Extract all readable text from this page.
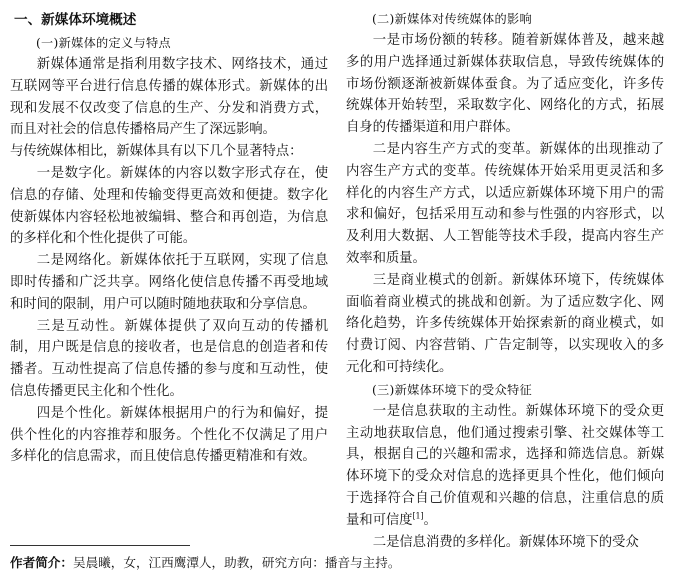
一、新媒体环境概述

(一)新媒体的定义与特点

新媒体通常是指利用数字技术、网络技术，通过互联网等平台进行信息传播的媒体形式。新媒体的出现和发展不仅改变了信息的生产、分发和消费方式，而且对社会的信息传播格局产生了深远影响。

与传统媒体相比，新媒体具有以下几个显著特点：

一是数字化。新媒体的内容以数字形式存在，使信息的存储、处理和传输变得更高效和便捷。数字化使新媒体内容轻松地被编辑、整合和再创造，为信息的多样化和个性化提供了可能。

二是网络化。新媒体依托于互联网，实现了信息即时传播和广泛共享。网络化使信息传播不再受地域和时间的限制，用户可以随时随地获取和分享信息。

三是互动性。新媒体提供了双向互动的传播机制，用户既是信息的接收者，也是信息的创造者和传播者。互动性提高了信息传播的参与度和互动性，使信息传播更民主化和个性化。

四是个性化。新媒体根据用户的行为和偏好，提供个性化的内容推荐和服务。个性化不仅满足了用户多样化的信息需求，而且使信息传播更精准和有效。

(二)新媒体对传统媒体的影响

一是市场份额的转移。随着新媒体普及，越来越多的用户选择通过新媒体获取信息，导致传统媒体的市场份额逐渐被新媒体蚕食。为了适应变化，许多传统媒体开始转型，采取数字化、网络化的方式，拓展自身的传播渠道和用户群体。

二是内容生产方式的变革。新媒体的出现推动了内容生产方式的变革。传统媒体开始采用更灵活和多样化的内容生产方式，以适应新媒体环境下用户的需求和偏好，包括采用互动和参与性强的内容形式，以及利用大数据、人工智能等技术手段，提高内容生产效率和质量。

三是商业模式的创新。新媒体环境下，传统媒体面临着商业模式的挑战和创新。为了适应数字化、网络化趋势，许多传统媒体开始探索新的商业模式，如付费订阅、内容营销、广告定制等，以实现收入的多元化和可持续化。

(三)新媒体环境下的受众特征

一是信息获取的主动性。新媒体环境下的受众更主动地获取信息，他们通过搜索引擎、社交媒体等工具，根据自己的兴趣和需求，选择和筛选信息。新媒体环境下的受众对信息的选择更具个性化，他们倾向于选择符合自己价值观和兴趣的信息，注重信息的质量和可信度[1]。

二是信息消费的多样化。新媒体环境下的受众

作者简介：吴晨曦，女，江西鹰潭人，助教，研究方向：播音与主持。
